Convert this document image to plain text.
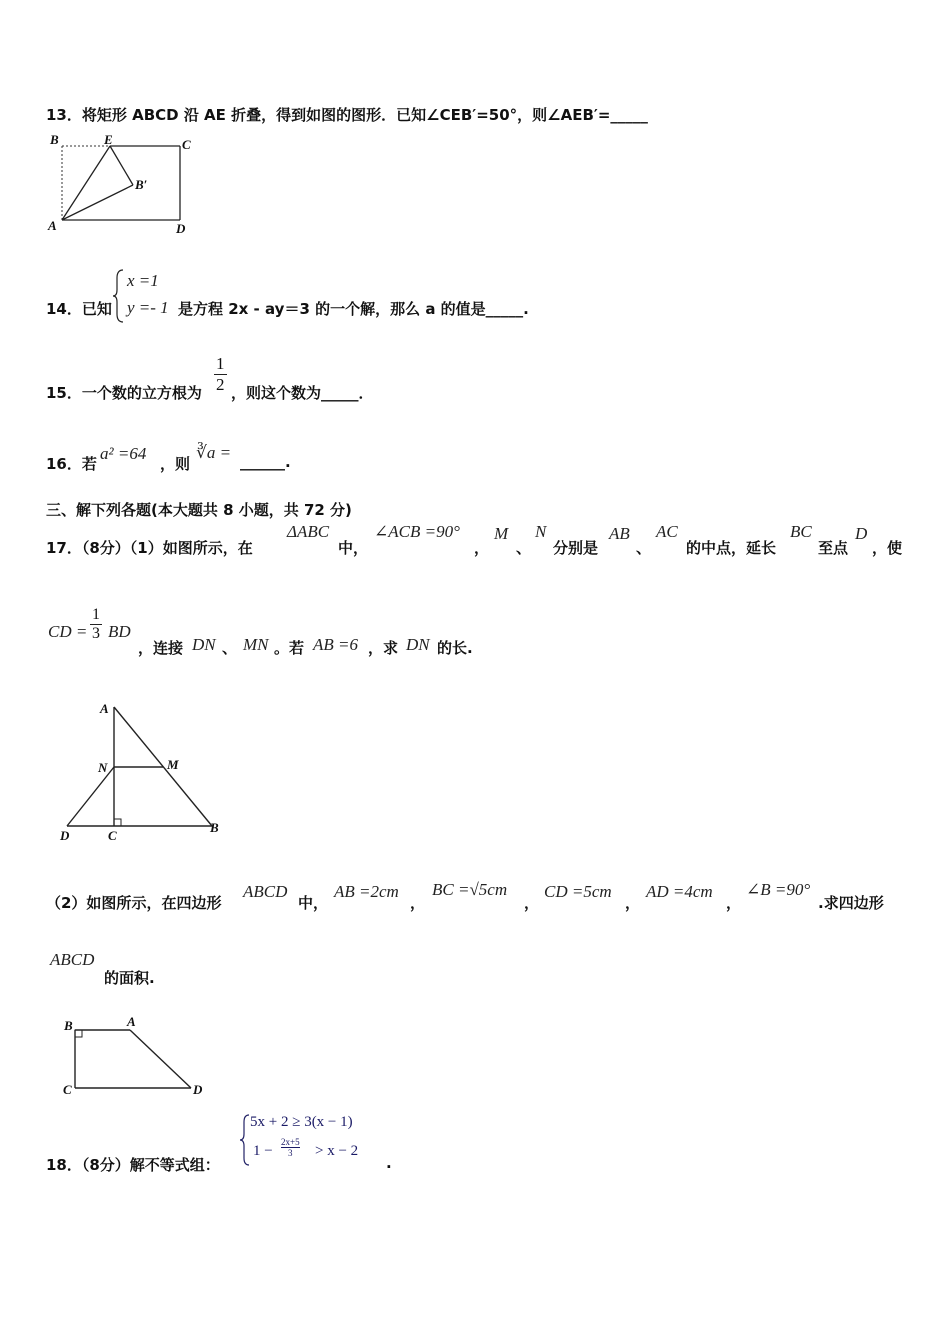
13．将矩形 ABCD 沿 AE 折叠，得到如图的图形．已知∠CEB′=50°，则∠AEB′=_____
B	E	C
B′
A	D
14．已知
x =1
y =- 1 是方程 2x - ay＝3 的一个解，那么 a 的值是_____.
15．一个数的立方根为 $\frac{1}{2}$ ，则这个数为_____．
16．若
a² =64
，则
∛a = ______.
三、解下列各题(本大题共 8 小题，共 72 分)
17．（8分）（1）如图所示，在
ΔABC
中，
∠ACB =90°
，
M
、
N
分别是
AB
、
AC
的中点，延长
BC
至点
D
，使
CD = $\frac{1}{3}$ BD
，连接 DN 、 MN 。若 AB =6 ，求 DN 的长.
A
N	M
D	C
B
（2）如图所示，在四边形
ABCD
中，
AB =2cm
，
BC =√5cm
，
CD =5cm
，
AD =4cm
，
∠B =90°
.求四边形
ABCD
的面积.
B	A
C	D
18．（8分）解不等式组：
5x + 2 ≥ 3(x − 1)
$1 - \frac{2x+5}{3} > x - 2$
.
